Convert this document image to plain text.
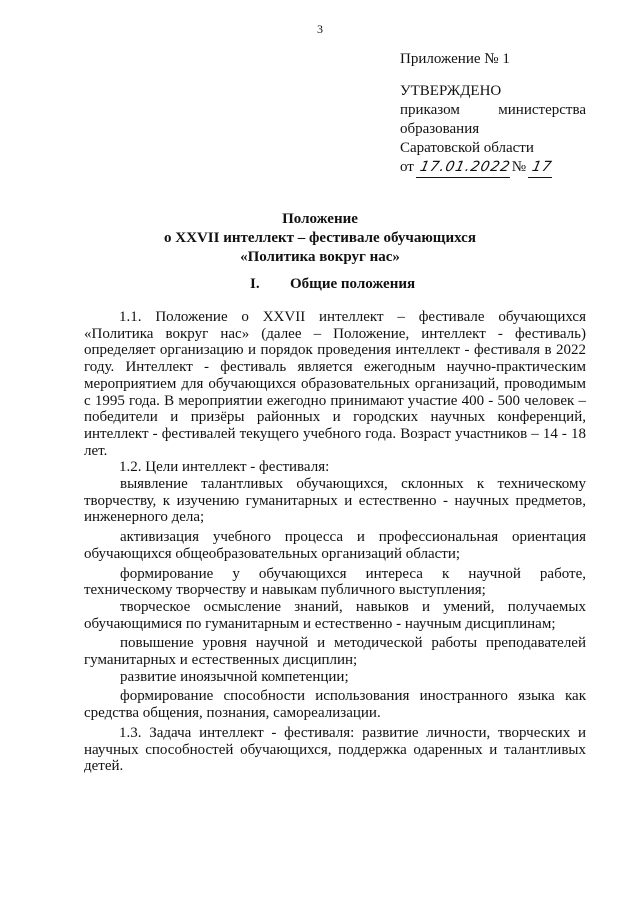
3
Приложение № 1
УТВЕРЖДЕНО
приказом министерства
образования
Саратовской области
от 17.01.2022№ 17
Положение
о XXVII интеллект – фестивале обучающихся
«Политика вокруг нас»
I. Общие положения

1.1. Положение о XXVII интеллект – фестивале обучающихся «Политика вокруг нас» (далее – Положение, интеллект - фестиваль) определяет организацию и порядок проведения интеллект - фестиваля в 2022 году. Интеллект - фестиваль является ежегодным научно-практическим мероприятием для обучающихся образовательных организаций, проводимым с 1995 года. В мероприятии ежегодно принимают участие 400 - 500 человек – победители и призёры районных и городских научных конференций, интеллект - фестивалей текущего учебного года. Возраст участников – 14 - 18 лет.

1.2. Цели интеллект - фестиваля:

выявление талантливых обучающихся, склонных к техническому творчеству, к изучению гуманитарных и естественно - научных предметов, инженерного дела;

активизация учебного процесса и профессиональная ориентация обучающихся общеобразовательных организаций области;

формирование у обучающихся интереса к научной работе, техническому творчеству и навыкам публичного выступления;

творческое осмысление знаний, навыков и умений, получаемых обучающимися по гуманитарным и естественно - научным дисциплинам;

повышение уровня научной и методической работы преподавателей гуманитарных и естественных дисциплин;

развитие иноязычной компетенции;

формирование способности использования иностранного языка как средства общения, познания, самореализации.

1.3. Задача интеллект - фестиваля: развитие личности, творческих и научных способностей обучающихся, поддержка одаренных и талантливых детей.
